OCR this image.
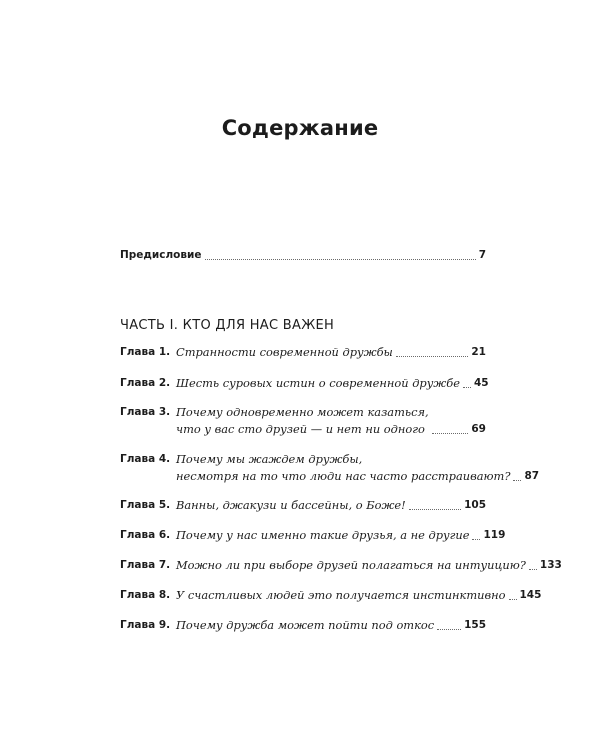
Содержание
Предисловие	7
ЧАСТЬ I. КТО ДЛЯ НАС ВАЖЕН
Глава 1. Странности современной дружбы	21
Глава 2. Шесть суровых истин о современной дружбе 45
Глава 3. Почему одновременно может казаться,
что у вас сто друзей — и нет ни одного	69
Глава 4. Почему мы жаждем дружбы,
несмотря на то что люди нас часто расстраивают? 87
Глава 5. Ванны, джакузи и бассейны, о Боже!	105
Глава 6. Почему у нас именно такие друзья, а не другие 119
Глава 7. Можно ли при выборе друзей полагаться на интуицию? 133
Глава 8. У счастливых людей это получается инстинктивно 145
Глава 9. Почему дружба может пойти под откос	155
